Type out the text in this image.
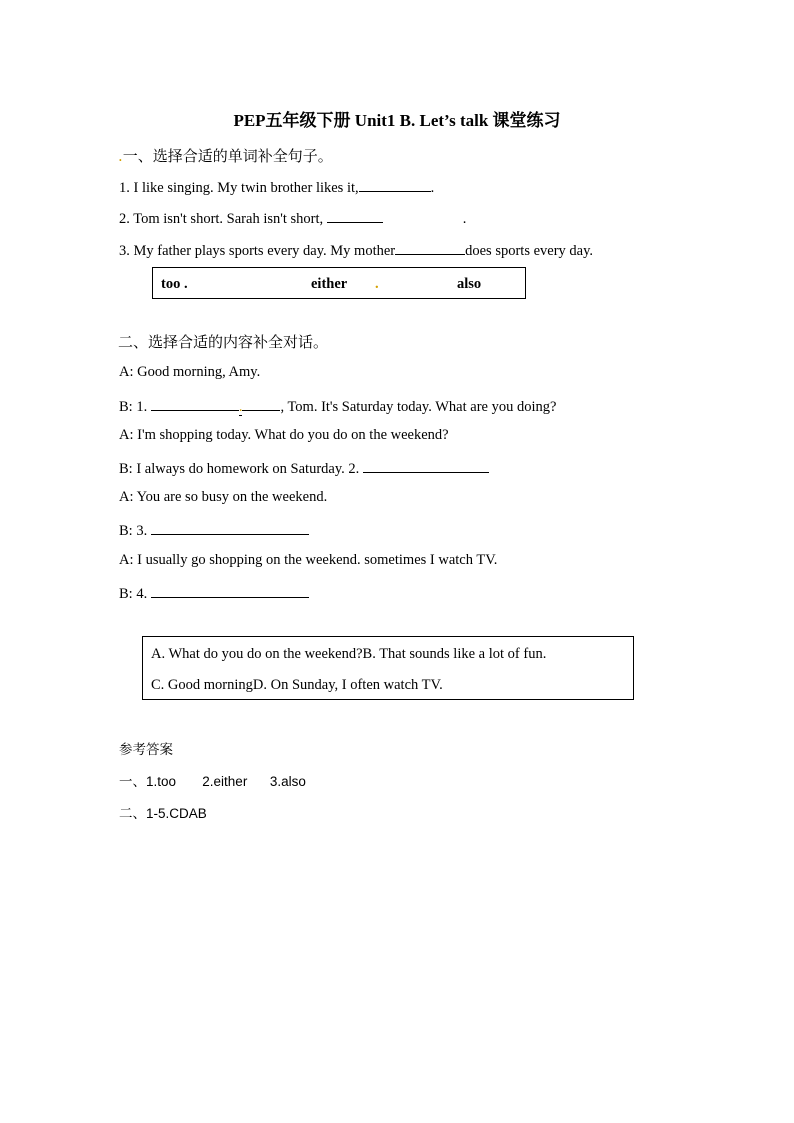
PEP五年级下册 Unit1 B. Let’s talk 课堂练习
.一、选择合适的单词补全句子。
1. I like singing. My twin brother likes it,	.
2. Tom isn't short. Sarah isn't short,	.
3. My father plays sports every day. My mother	does sports every day.
too .	either .	also
二、选择合适的内容补全对话。
A: Good morning, Amy.
B: 1.	.	, Tom. It's Saturday today. What are you doing?
A: I'm shopping today. What do you do on the weekend?
B: I always do homework on Saturday. 2.
A: You are so busy on the weekend.
B: 3.
A: I usually go shopping on the weekend. sometimes I watch TV.
B: 4.
A. What do you do on the weekend?B. That sounds like a lot of fun.
C. Good morningD. On Sunday, I often watch TV.
参考答案
一、1.too       2.either      3.also
二、1-5.CDAB
